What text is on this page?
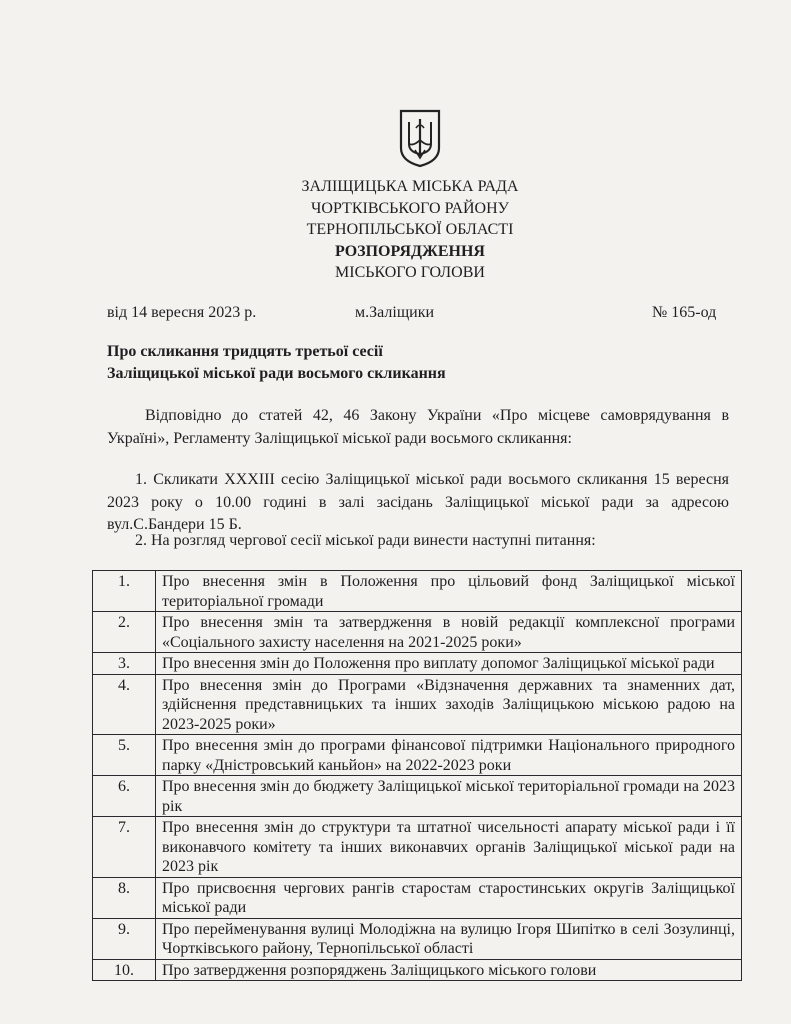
ЗАЛІЩИЦЬКА МІСЬКА РАДА
ЧОРТКІВСЬКОГО РАЙОНУ
ТЕРНОПІЛЬСЬКОЇ ОБЛАСТІ
РОЗПОРЯДЖЕННЯ
МІСЬКОГО ГОЛОВИ
від 14 вересня 2023 р.	м.Заліщики	№ 165-од
Про скликання тридцять третьої сесії
Заліщицької міської ради восьмого скликання
Відповідно до статей 42, 46 Закону України «Про місцеве самоврядування в Україні», Регламенту Заліщицької міської ради восьмого скликання:
1. Скликати XXXIII сесію Заліщицької міської ради восьмого скликання 15 вересня 2023 року о 10.00 годині в залі засідань Заліщицької міської ради за адресою вул.С.Бандери 15 Б.
2. На розгляд чергової сесії міської ради винести наступні питання:
1.	Про внесення змін в Положення про цільовий фонд Заліщицької міської територіальної громади
2.	Про внесення змін та затвердження в новій редакції комплексної програми «Соціального захисту населення на 2021-2025 роки»
3.	Про внесення змін до Положення про виплату допомог Заліщицької міської ради
4.	Про внесення змін до Програми «Відзначення державних та знаменних дат, здійснення представницьких та інших заходів Заліщицькою міською радою на 2023-2025 роки»
5.	Про внесення змін до програми фінансової підтримки Національного природного парку «Дністровський каньйон» на 2022-2023 роки
6.	Про внесення змін до бюджету Заліщицької міської територіальної громади на 2023 рік
7.	Про внесення змін до структури та штатної чисельності апарату міської ради і її виконавчого комітету та інших виконавчих органів Заліщицької міської ради на 2023 рік
8.	Про присвоєння чергових рангів старостам старостинських округів Заліщицької міської ради
9.	Про перейменування вулиці Молодіжна на вулицю Ігоря Шипітко в селі Зозулинці, Чортківського району, Тернопільської області
10.	Про затвердження розпоряджень Заліщицького міського голови
